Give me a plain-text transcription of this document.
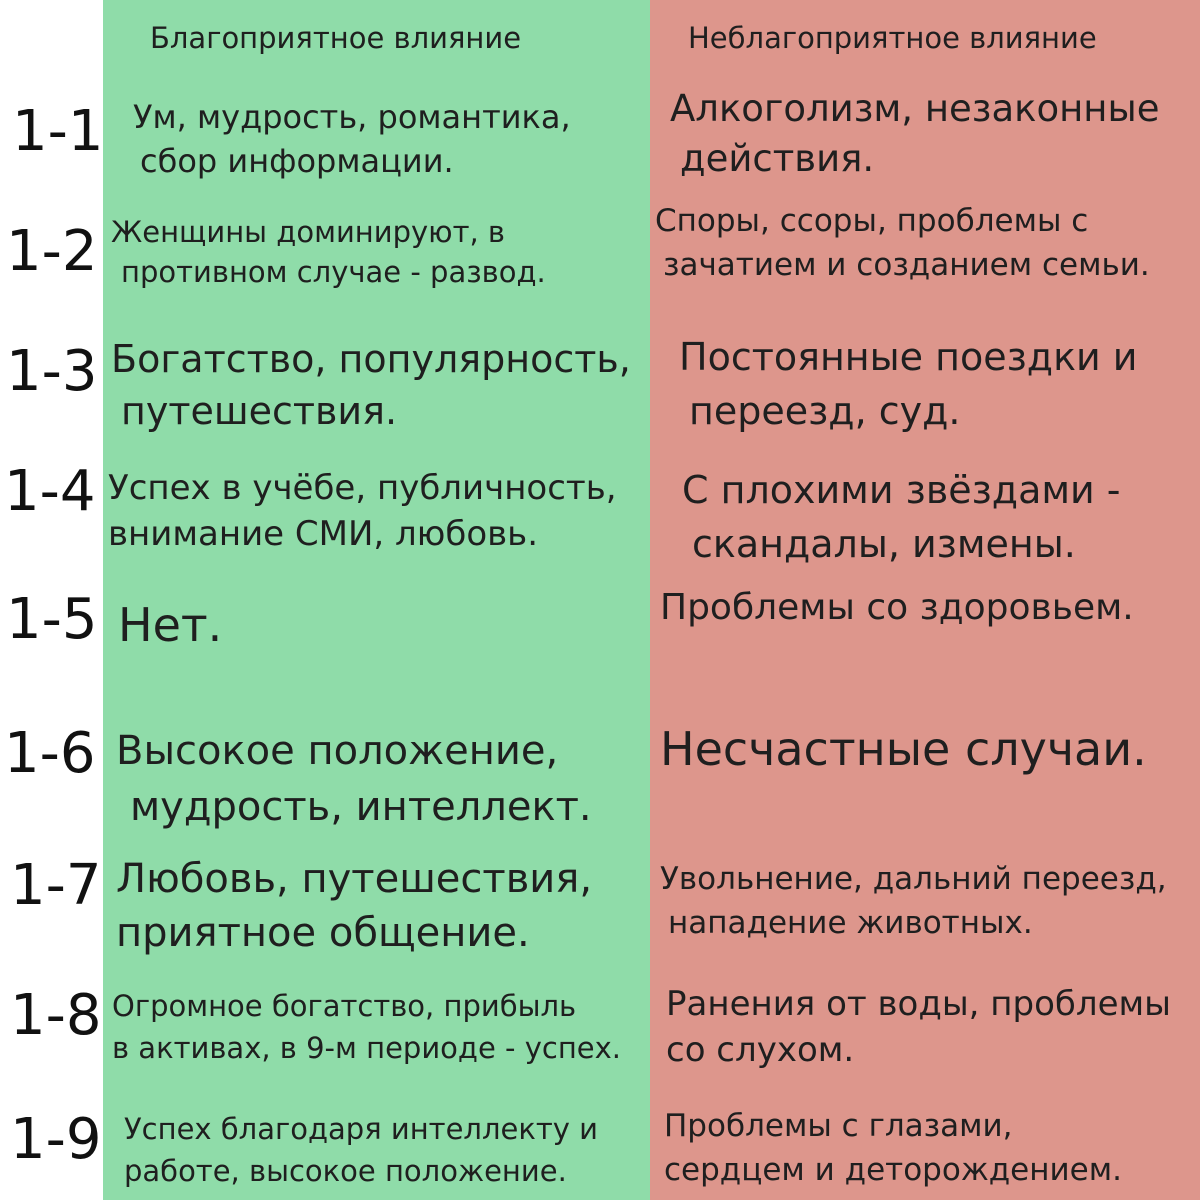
Благоприятное влияние	Неблагоприятное влияние
1-1 Ум, мудрость, романтика,
сбор информации.
Алкоголизм, незаконные
действия.
1-2 Женщины доминируют, в
противном случае - развод.
Споры, ссоры, проблемы с
зачатием и созданием семьи.
1-3 Богатство, популярность,
путешествия.
Постоянные поездки и
переезд, суд.
1-4 Успех в учёбе, публичность,
внимание СМИ, любовь.
С плохими звёздами -
скандалы, измены.
1-5 Нет.	Проблемы со здоровьем.
1-6 Высокое положение,
мудрость, интеллект.
Несчастные случаи.
1-7 Любовь, путешествия,
приятное общение.
Увольнение, дальний переезд,
нападение животных.
1-8 Огромное богатство, прибыль
в активах, в 9-м периоде - успех.
Ранения от воды, проблемы
со слухом.
1-9 Успех благодаря интеллекту и
работе, высокое положение.
Проблемы с глазами,
сердцем и деторождением.
